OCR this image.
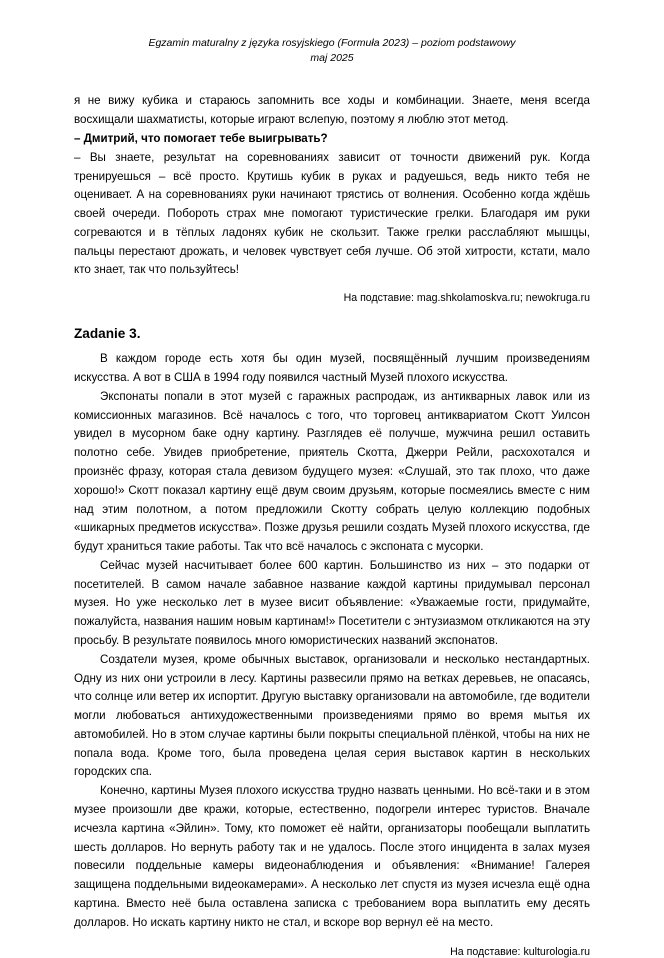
Egzamin maturalny z języka rosyjskiego (Formuła 2023) – poziom podstawowy
maj 2025

я не вижу кубика и стараюсь запомнить все ходы и комбинации. Знаете, меня всегда восхищали шахматисты, которые играют вслепую, поэтому я люблю этот метод.

– Дмитрий, что помогает тебе выигрывать?

– Вы знаете, результат на соревнованиях зависит от точности движений рук. Когда тренируешься – всё просто. Крутишь кубик в руках и радуешься, ведь никто тебя не оценивает. А на соревнованиях руки начинают трястись от волнения. Особенно когда ждёшь своей очереди. Побороть страх мне помогают туристические грелки. Благодаря им руки согреваются и в тёплых ладонях кубик не скользит. Также грелки расслабляют мышцы, пальцы перестают дрожать, и человек чувствует себя лучше. Об этой хитрости, кстати, мало кто знает, так что пользуйтесь!

На подставие: mag.shkolamoskva.ru; newokruga.ru
Zadanie 3.

В каждом городе есть хотя бы один музей, посвящённый лучшим произведениям искусства. А вот в США в 1994 году появился частный Музей плохого искусства.

Экспонаты попали в этот музей с гаражных распродаж, из антикварных лавок или из комиссионных магазинов. Всё началось с того, что торговец антиквариатом Скотт Уилсон увидел в мусорном баке одну картину. Разглядев её получше, мужчина решил оставить полотно себе. Увидев приобретение, приятель Скотта, Джерри Рейли, расхохотался и произнёс фразу, которая стала девизом будущего музея: «Слушай, это так плохо, что даже хорошо!» Скотт показал картину ещё двум своим друзьям, которые посмеялись вместе с ним над этим полотном, а потом предложили Скотту собрать целую коллекцию подобных «шикарных предметов искусства». Позже друзья решили создать Музей плохого искусства, где будут храниться такие работы. Так что всё началось с экспоната с мусорки.

Сейчас музей насчитывает более 600 картин. Большинство из них – это подарки от посетителей. В самом начале забавное название каждой картины придумывал персонал музея. Но уже несколько лет в музее висит объявление: «Уважаемые гости, придумайте, пожалуйста, названия нашим новым картинам!» Посетители с энтузиазмом откликаются на эту просьбу. В результате появилось много юмористических названий экспонатов.

Создатели музея, кроме обычных выставок, организовали и несколько нестандартных. Одну из них они устроили в лесу. Картины развесили прямо на ветках деревьев, не опасаясь, что солнце или ветер их испортит. Другую выставку организовали на автомобиле, где водители могли любоваться антихудожественными произведениями прямо во время мытья их автомобилей. Но в этом случае картины были покрыты специальной плёнкой, чтобы на них не попала вода. Кроме того, была проведена целая серия выставок картин в нескольких городских спа.

Конечно, картины Музея плохого искусства трудно назвать ценными. Но всё-таки и в этом музее произошли две кражи, которые, естественно, подогрели интерес туристов. Вначале исчезла картина «Эйлин». Тому, кто поможет её найти, организаторы пообещали выплатить шесть долларов. Но вернуть работу так и не удалось. После этого инцидента в залах музея повесили поддельные камеры видеонаблюдения и объявления: «Внимание! Галерея защищена поддельными видеокамерами». А несколько лет спустя из музея исчезла ещё одна картина. Вместо неё была оставлена записка с требованием вора выплатить ему десять долларов. Но искать картину никто не стал, и вскоре вор вернул её на место.

На подставие: kulturologia.ru
